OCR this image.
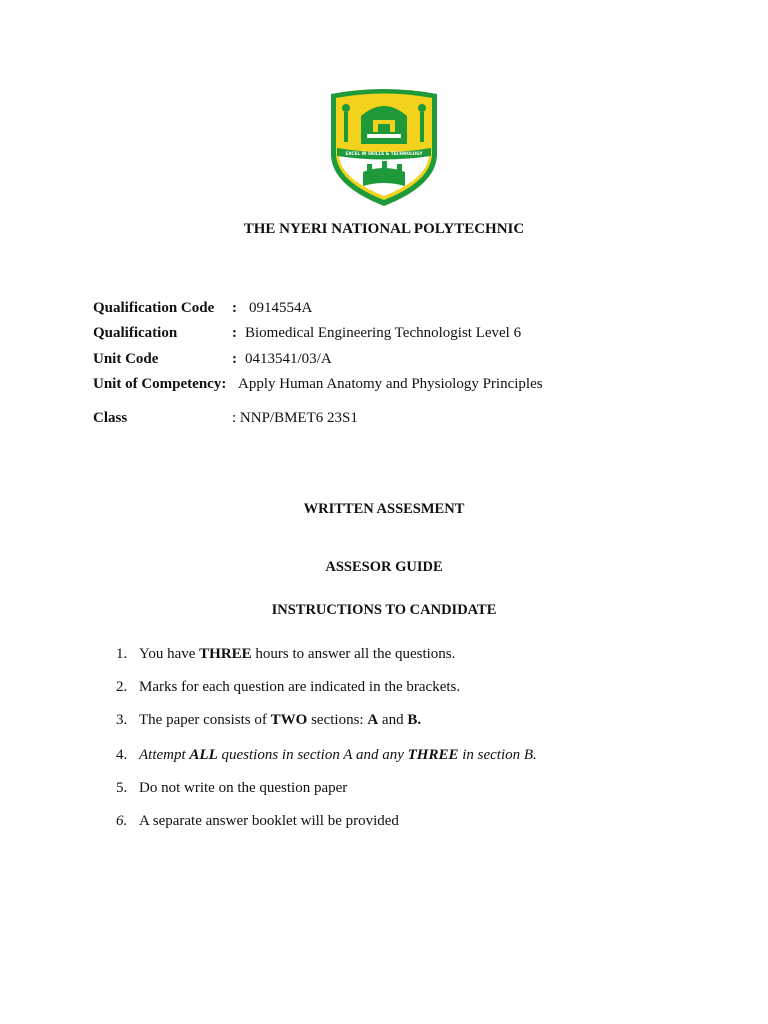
EXCEL IN SKILLS & TECHNOLOGY
THE NYERI NATIONAL POLYTECHNIC
Qualification Code : 0914554A
Qualification	: Biomedical Engineering Technologist Level 6
Unit Code	: 0413541/03/A
Unit of Competency: Apply Human Anatomy and Physiology Principles
Class	: NNP/BMET6 23S1
WRITTEN ASSESMENT
ASSESOR GUIDE
INSTRUCTIONS TO CANDIDATE
1. You have THREE hours to answer all the questions.
2. Marks for each question are indicated in the brackets.
3. The paper consists of TWO sections: A and B.
4. Attempt ALL questions in section A and any THREE in section B.
5. Do not write on the question paper
6. A separate answer booklet will be provided
